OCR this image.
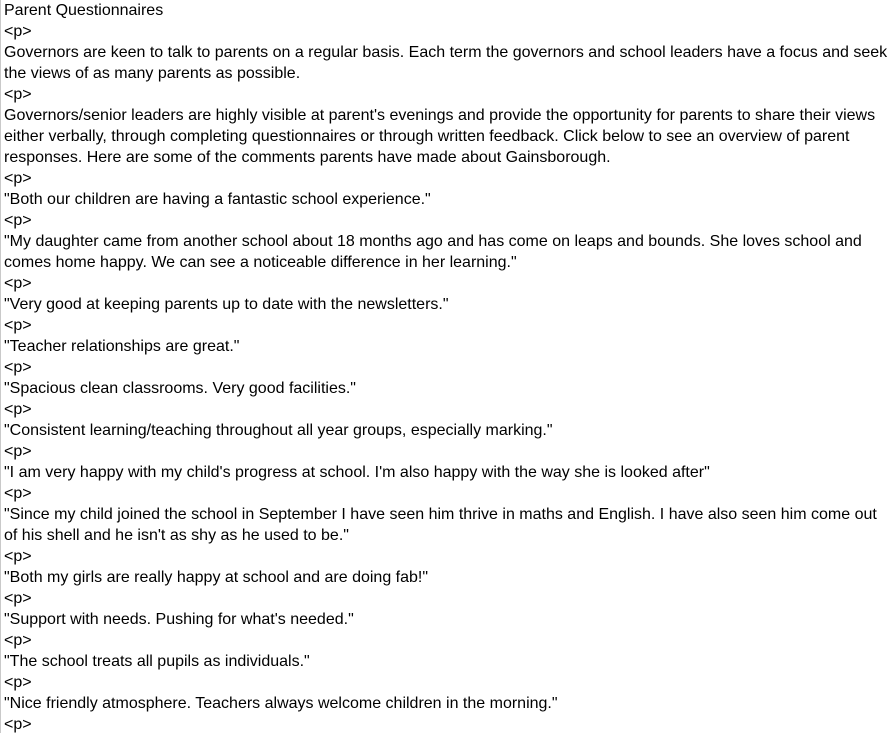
Parent Questionnaires
<p>
Governors are keen to talk to parents on a regular basis. Each term the governors and school leaders have a focus and seek the views of as many parents as possible.
<p>
Governors/senior leaders are highly visible at parent's evenings and provide the opportunity for parents to share their views either verbally, through completing questionnaires or through written feedback. Click below to see an overview of parent responses. Here are some of the comments parents have made about Gainsborough.
<p>
"Both our children are having a fantastic school experience."
<p>
"My daughter came from another school about 18 months ago and has come on leaps and bounds. She loves school and comes home happy. We can see a noticeable difference in her learning."
<p>
"Very good at keeping parents up to date with the newsletters."
<p>
"Teacher relationships are great."
<p>
"Spacious clean classrooms. Very good facilities."
<p>
"Consistent learning/teaching throughout all year groups, especially marking."
<p>
"I am very happy with my child's progress at school. I'm also happy with the way she is looked after"
<p>
"Since my child joined the school in September I have seen him thrive in maths and English. I have also seen him come out of his shell and he isn't as shy as he used to be."
<p>
"Both my girls are really happy at school and are doing fab!"
<p>
"Support with needs. Pushing for what's needed."
<p>
"The school treats all pupils as individuals."
<p>
"Nice friendly atmosphere. Teachers always welcome children in the morning."
<p>
